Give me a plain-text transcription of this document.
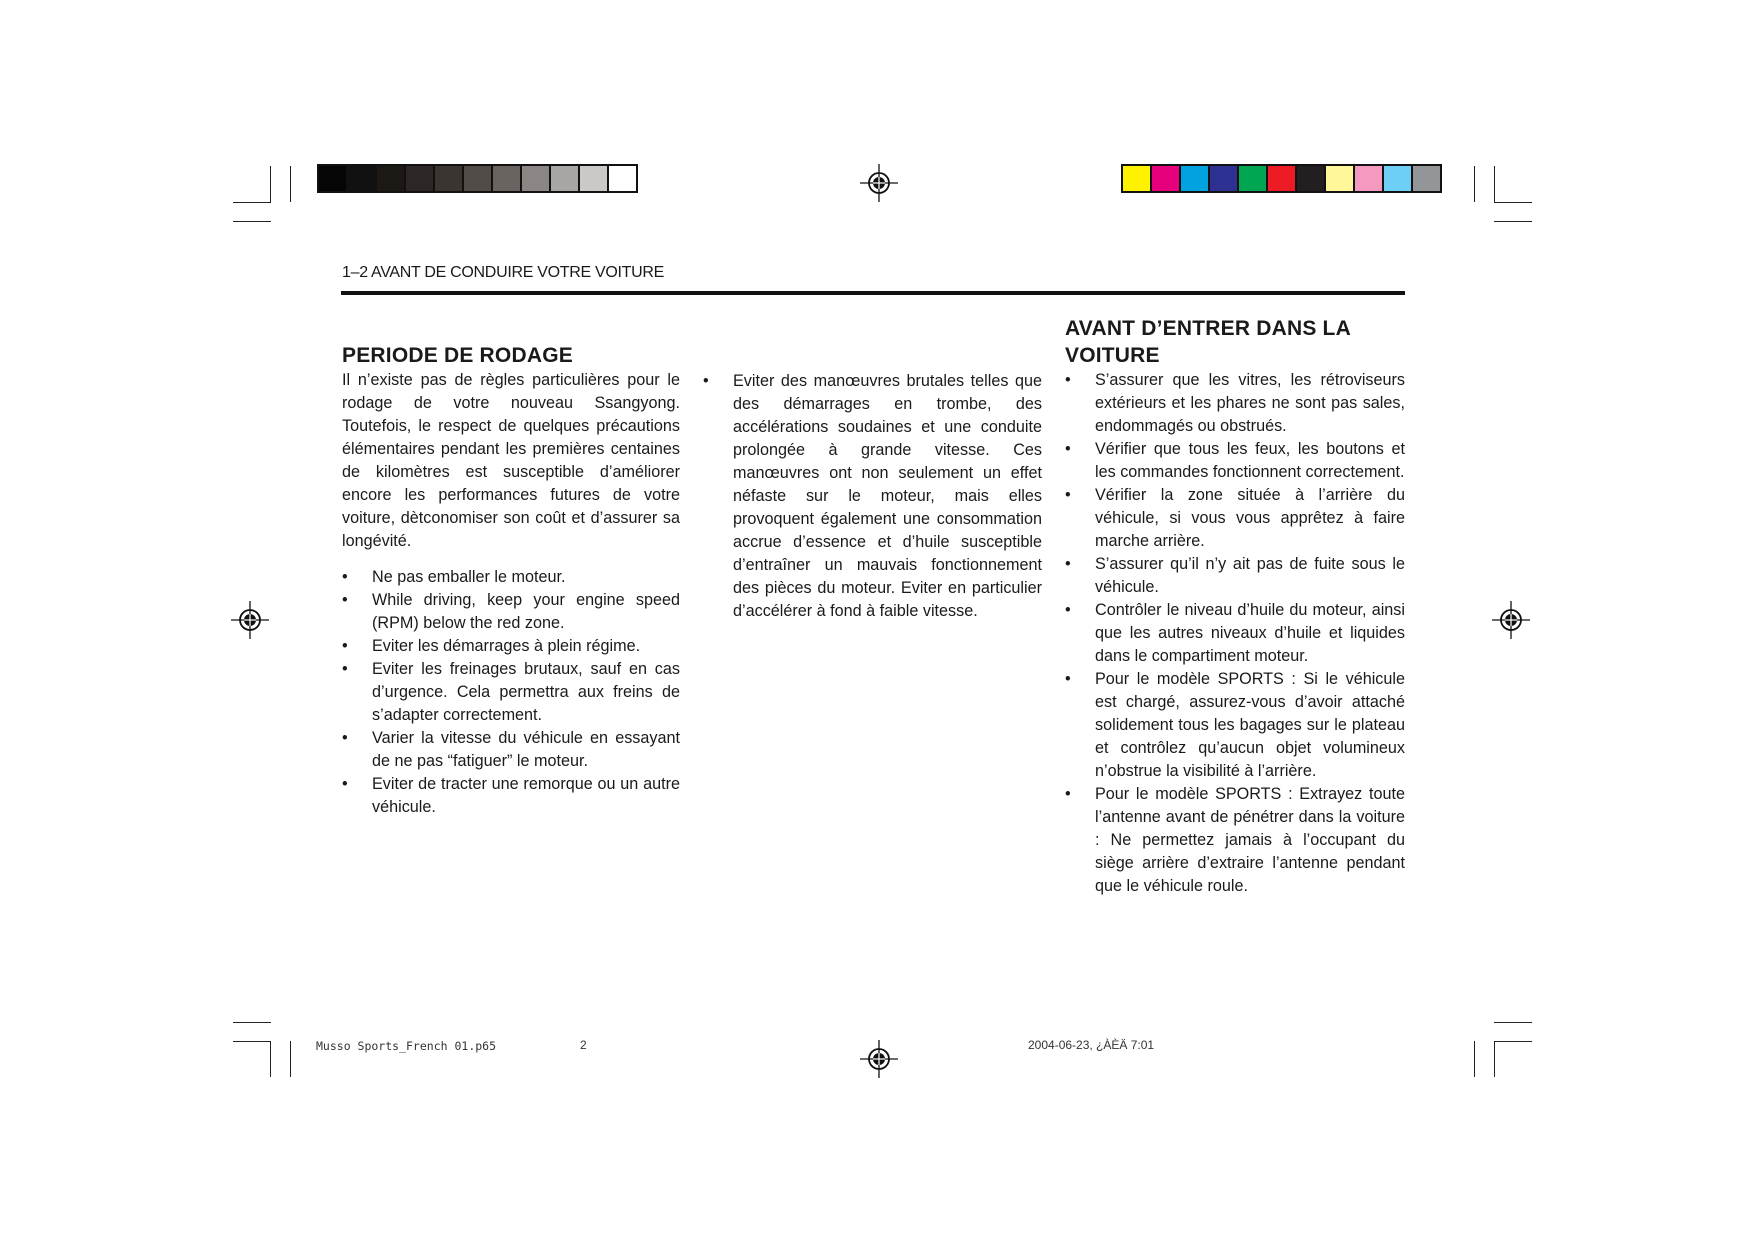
1–2 AVANT DE CONDUIRE VOTRE VOITURE
PERIODE DE RODAGE

Il n’existe pas de règles particulières pour le rodage de votre nouveau Ssangyong. Toutefois, le respect de quelques précautions élémentaires pendant les premières centaines de kilomètres est susceptible d’améliorer encore les performances futures de votre voiture, dètconomiser son coût et d’assurer sa longévité.

• Ne pas emballer le moteur.
• While driving, keep your engine speed (RPM) below the red zone.
• Eviter les démarrages à plein régime.
• Eviter les freinages brutaux, sauf en cas d’urgence. Cela permettra aux freins de s’adapter correctement.
• Varier la vitesse du véhicule en essayant de ne pas “fatiguer” le moteur.
• Eviter de tracter une remorque ou un autre véhicule.
• Eviter des manœuvres brutales telles que des démarrages en trombe, des accélérations soudaines et une conduite prolongée à grande vitesse. Ces manœuvres ont non seulement un effet néfaste sur le moteur, mais elles provoquent également une consommation accrue d’essence et d’huile susceptible d’entraîner un mauvais fonctionnement des pièces du moteur. Eviter en particulier d’accélérer à fond à faible vitesse.
AVANT D’ENTRER DANS LA
VOITURE
• S’assurer que les vitres, les rétroviseurs extérieurs et les phares ne sont pas sales, endommagés ou obstrués.
• Vérifier que tous les feux, les boutons et les commandes fonctionnent correctement.
• Vérifier la zone située à l’arrière du véhicule, si vous vous apprêtez à faire marche arrière.
• S’assurer qu’il n’y ait pas de fuite sous le véhicule.
• Contrôler le niveau d’huile du moteur, ainsi que les autres niveaux d’huile et liquides dans le compartiment moteur.
• Pour le modèle SPORTS : Si le véhicule est chargé, assurez-vous d’avoir attaché solidement tous les bagages sur le plateau et contrôlez qu’aucun objet volumineux n’obstrue la visibilité à l’arrière.
• Pour le modèle SPORTS : Extrayez toute l’antenne avant de pénétrer dans la voiture : Ne permettez jamais à l’occupant du siège arrière d’extraire l’antenne pendant que le véhicule roule.
Musso Sports_French 01.p65	2	2004-06-23, ¿ÀÈÄ 7:01
